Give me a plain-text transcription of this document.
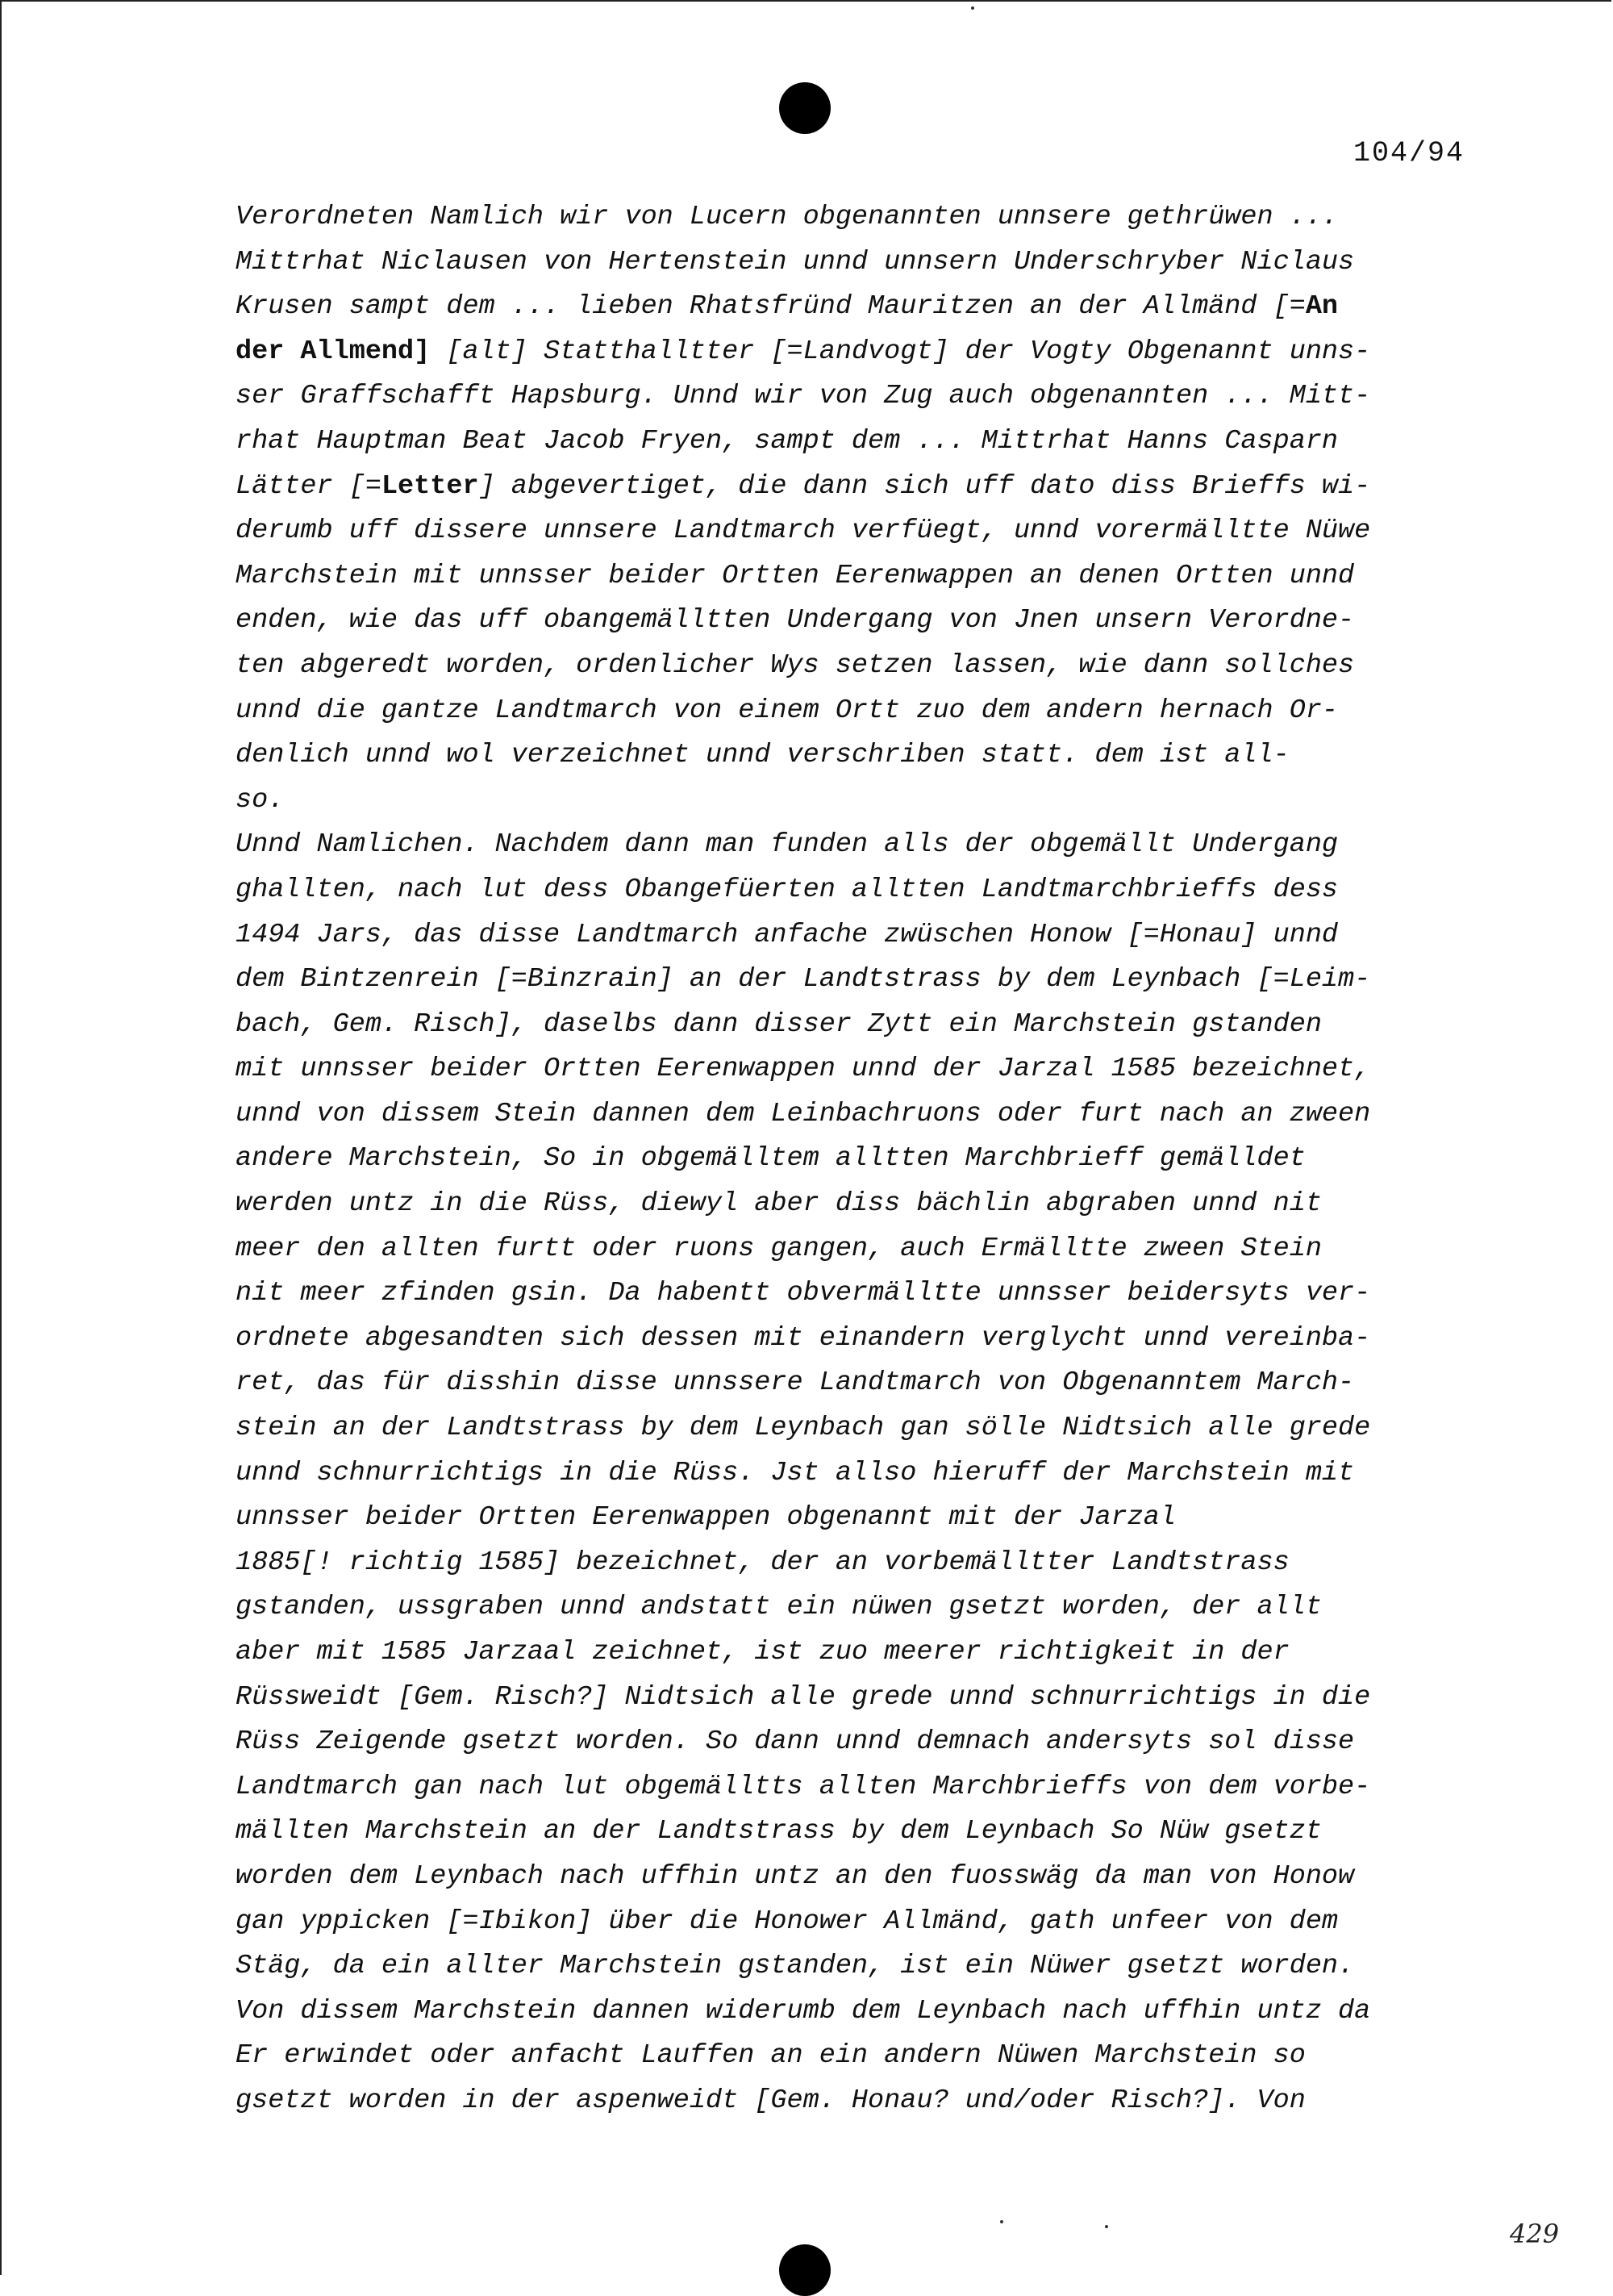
104/94
Verordneten Namlich wir von Lucern obgenannten unnsere gethrüwen ...
Mittrhat Niclausen von Hertenstein unnd unnsern Underschryber Niclaus
Krusen sampt dem ... lieben Rhatsfründ Mauritzen an der Allmänd [=An
der Allmend] [alt] Statthalltter [=Landvogt] der Vogty Obgenannt unns-
ser Graffschafft Hapsburg. Unnd wir von Zug auch obgenannten ... Mitt-
rhat Hauptman Beat Jacob Fryen, sampt dem ... Mittrhat Hanns Casparn
Lätter [=Letter] abgevertiget, die dann sich uff dato diss Brieffs wi-
derumb uff dissere unnsere Landtmarch verfüegt, unnd vorermälltte Nüwe
Marchstein mit unnsser beider Ortten Eerenwappen an denen Ortten unnd
enden, wie das uff obangemälltten Undergang von Jnen unsern Verordne-
ten abgeredt worden, ordenlicher Wys setzen lassen, wie dann sollches
unnd die gantze Landtmarch von einem Ortt zuo dem andern hernach Or-
denlich unnd wol verzeichnet unnd verschriben statt. dem ist all-
so.
Unnd Namlichen. Nachdem dann man funden alls der obgemällt Undergang
ghallten, nach lut dess Obangefüerten alltten Landtmarchbrieffs dess
1494 Jars, das disse Landtmarch anfache zwüschen Honow [=Honau] unnd
dem Bintzenrein [=Binzrain] an der Landtstrass by dem Leynbach [=Leim-
bach, Gem. Risch], daselbs dann disser Zytt ein Marchstein gstanden
mit unnsser beider Ortten Eerenwappen unnd der Jarzal 1585 bezeichnet,
unnd von dissem Stein dannen dem Leinbachruons oder furt nach an zween
andere Marchstein, So in obgemälltem alltten Marchbrieff gemälldet
werden untz in die Rüss, diewyl aber diss bächlin abgraben unnd nit
meer den allten furtt oder ruons gangen, auch Ermälltte zween Stein
nit meer zfinden gsin. Da habentt obvermälltte unnsser beidersyts ver-
ordnete abgesandten sich dessen mit einandern verglycht unnd vereinba-
ret, das für disshin disse unnssere Landtmarch von Obgenanntem March-
stein an der Landtstrass by dem Leynbach gan sölle Nidtsich alle grede
unnd schnurrichtigs in die Rüss. Jst allso hieruff der Marchstein mit
unnsser beider Ortten Eerenwappen obgenannt mit der Jarzal
1885[! richtig 1585] bezeichnet, der an vorbemälltter Landtstrass
gstanden, ussgraben unnd andstatt ein nüwen gsetzt worden, der allt
aber mit 1585 Jarzaal zeichnet, ist zuo meerer richtigkeit in der
Rüssweidt [Gem. Risch?] Nidtsich alle grede unnd schnurrichtigs in die
Rüss Zeigende gsetzt worden. So dann unnd demnach andersyts sol disse
Landtmarch gan nach lut obgemälltts allten Marchbrieffs von dem vorbe-
mällten Marchstein an der Landtstrass by dem Leynbach So Nüw gsetzt
worden dem Leynbach nach uffhin untz an den fuosswäg da man von Honow
gan yppicken [=Ibikon] über die Honower Allmänd, gath unfeer von dem
Stäg, da ein allter Marchstein gstanden, ist ein Nüwer gsetzt worden.
Von dissem Marchstein dannen widerumb dem Leynbach nach uffhin untz da
Er erwindet oder anfacht Lauffen an ein andern Nüwen Marchstein so
gsetzt worden in der aspenweidt [Gem. Honau? und/oder Risch?]. Von
429
